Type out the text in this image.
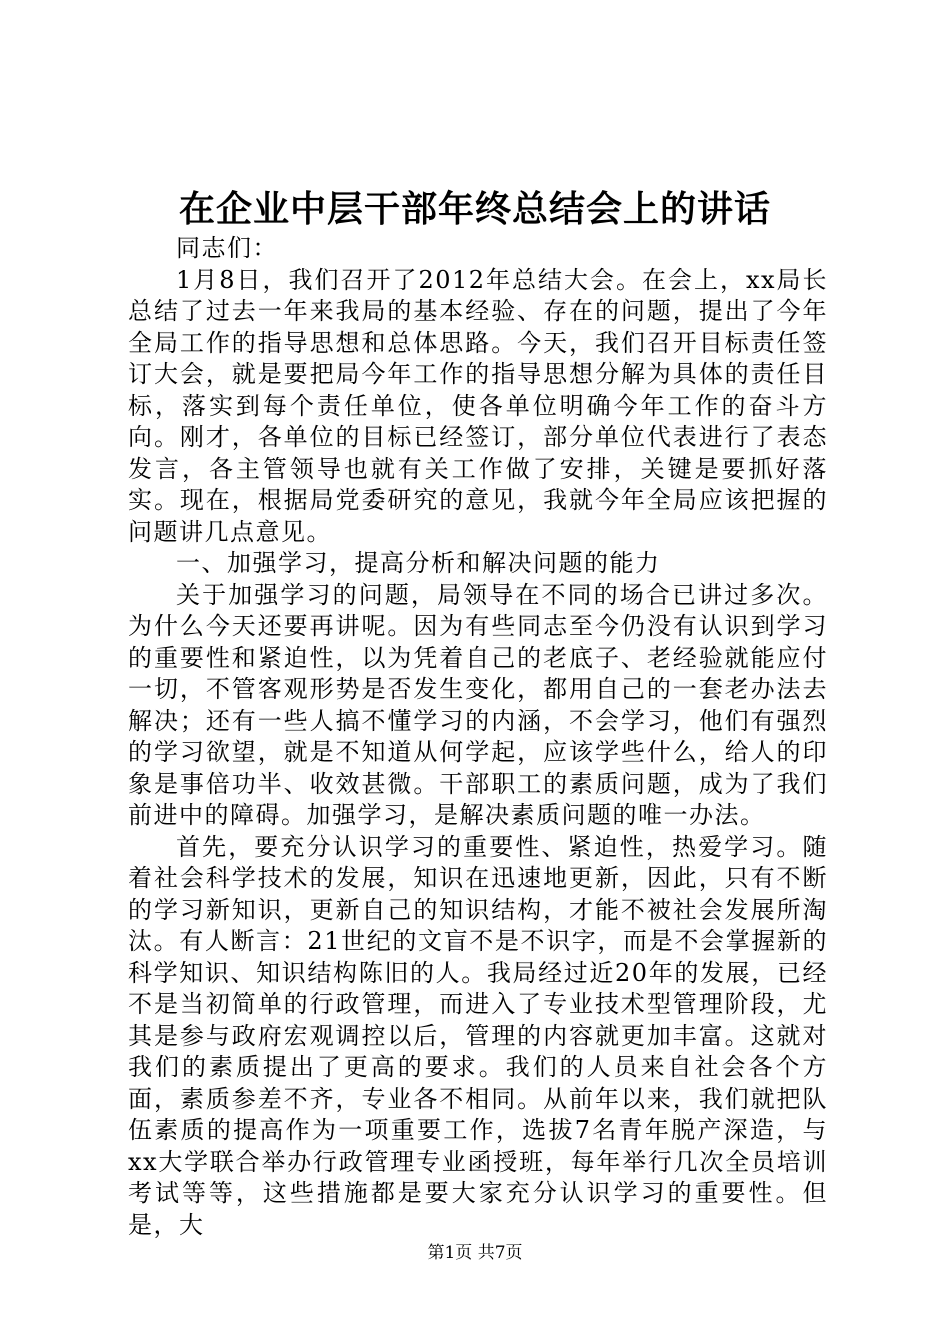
在企业中层干部年终总结会上的讲话

同志们：

1月8日，我们召开了2012年总结大会。在会上，xx局长总结了过去一年来我局的基本经验、存在的问题，提出了今年全局工作的指导思想和总体思路。今天，我们召开目标责任签订大会，就是要把局今年工作的指导思想分解为具体的责任目标，落实到每个责任单位，使各单位明确今年工作的奋斗方向。刚才，各单位的目标已经签订，部分单位代表进行了表态发言，各主管领导也就有关工作做了安排，关键是要抓好落实。现在，根据局党委研究的意见，我就今年全局应该把握的问题讲几点意见。

一、加强学习，提高分析和解决问题的能力

关于加强学习的问题，局领导在不同的场合已讲过多次。为什么今天还要再讲呢。因为有些同志至今仍没有认识到学习的重要性和紧迫性，以为凭着自己的老底子、老经验就能应付一切，不管客观形势是否发生变化，都用自己的一套老办法去解决；还有一些人搞不懂学习的内涵，不会学习，他们有强烈的学习欲望，就是不知道从何学起，应该学些什么，给人的印象是事倍功半、收效甚微。干部职工的素质问题，成为了我们前进中的障碍。加强学习，是解决素质问题的唯一办法。

首先，要充分认识学习的重要性、紧迫性，热爱学习。随着社会科学技术的发展，知识在迅速地更新，因此，只有不断的学习新知识，更新自己的知识结构，才能不被社会发展所淘汰。有人断言：21世纪的文盲不是不识字，而是不会掌握新的科学知识、知识结构陈旧的人。我局经过近20年的发展，已经不是当初简单的行政管理，而进入了专业技术型管理阶段，尤其是参与政府宏观调控以后，管理的内容就更加丰富。这就对我们的素质提出了更高的要求。我们的人员来自社会各个方面，素质参差不齐，专业各不相同。从前年以来，我们就把队伍素质的提高作为一项重要工作，选拔7名青年脱产深造，与xx大学联合举办行政管理专业函授班，每年举行几次全员培训考试等等，这些措施都是要大家充分认识学习的重要性。但是，大

第1页 共7页
